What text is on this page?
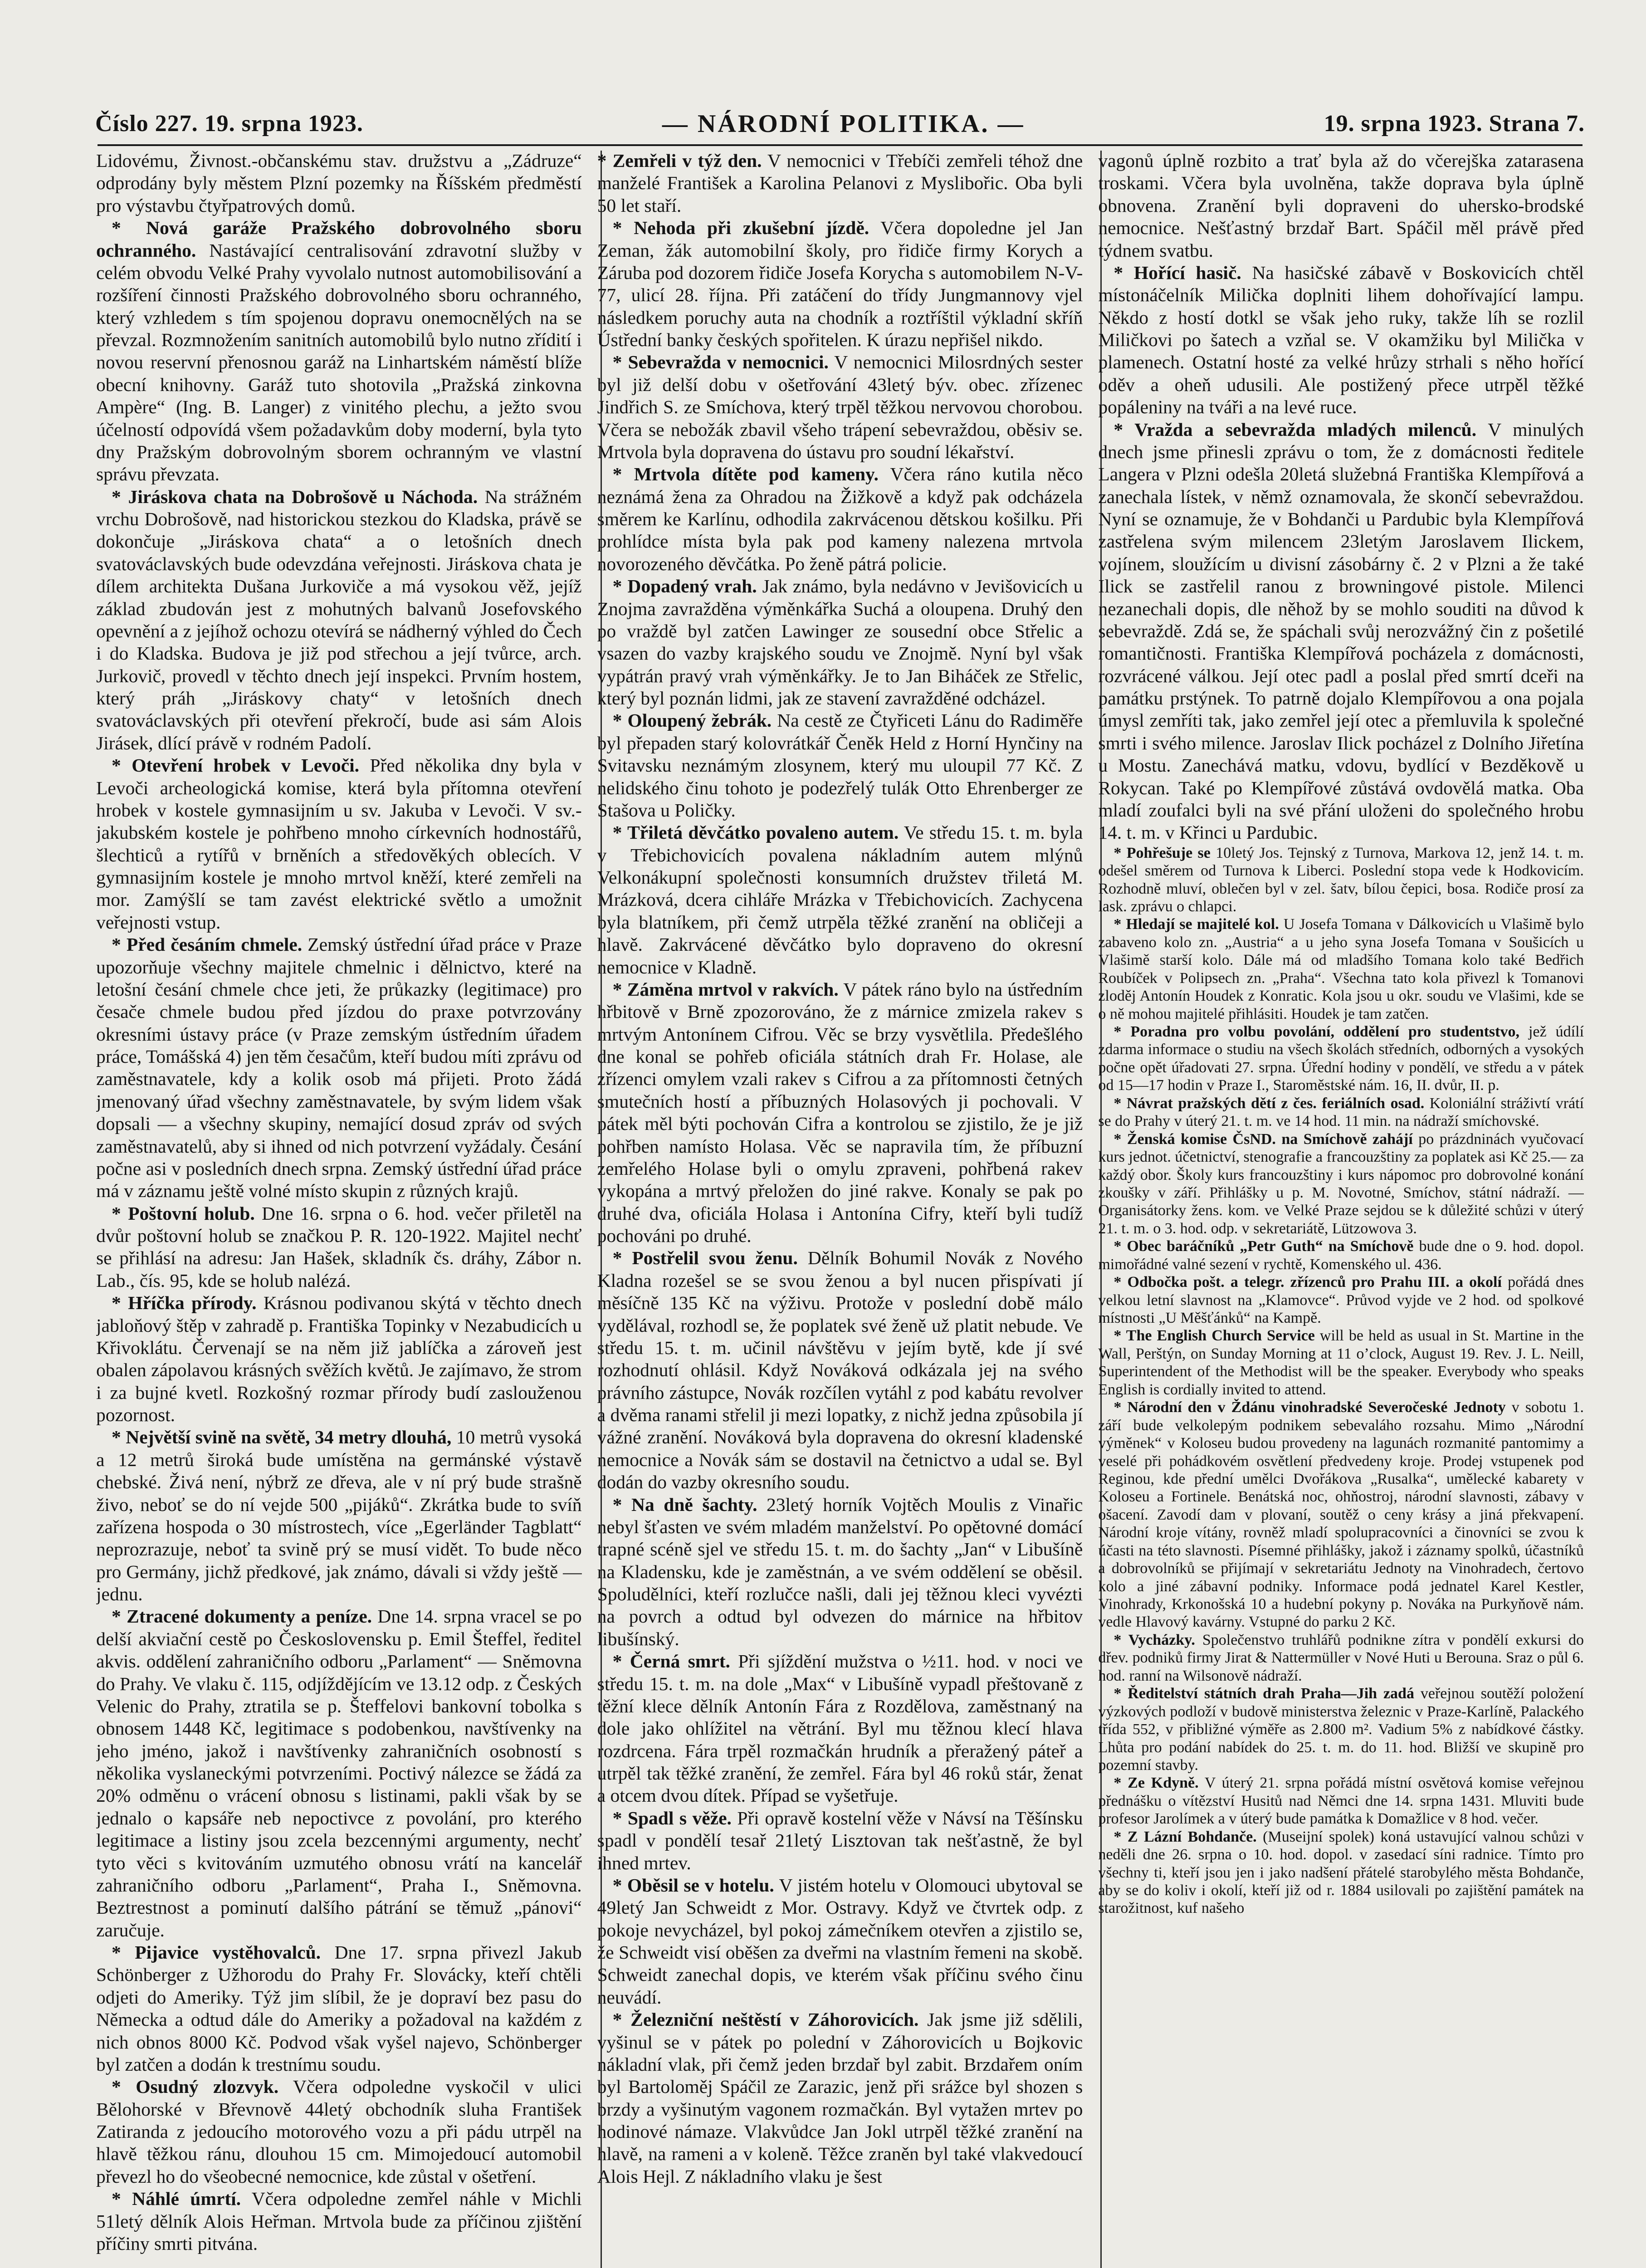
Číslo 227. 19. srpna 1923.	— NÁRODNÍ POLITIKA. —	19. srpna 1923. Strana 7.

Lidovému, Živnost.-občanskému stav. družstvu a „Zádruze“ odprodány byly městem Plzní pozemky na Říšském předměstí pro výstavbu čtyřpatrových domů.

* Nová garáže Pražského dobrovolného sboru ochranného. Nastávající centralisování zdravotní služby v celém obvodu Velké Prahy vyvolalo nutnost automobilisování a rozšíření činnosti Pražského dobrovolného sboru ochranného, který vzhledem s tím spojenou dopravu onemocnělých na se převzal. Rozmnožením sanitních automobilů bylo nutno zřídití i novou reservní přenosnou garáž na Linhartském náměstí blíže obecní knihovny. Garáž tuto shotovila „Pražská zinkovna Ampère“ (Ing. B. Langer) z vinitého plechu, a ježto svou účelností odpovídá všem požadavkům doby moderní, byla tyto dny Pražským dobrovolným sborem ochranným ve vlastní správu převzata.

* Jiráskova chata na Dobrošově u Náchoda. Na strážném vrchu Dobrošově, nad historickou stezkou do Kladska, právě se dokončuje „Jiráskova chata“ a o letošních dnech svatováclavských bude odevzdána veřejnosti. Jiráskova chata je dílem architekta Dušana Jurkoviče a má vysokou věž, jejíž základ zbudován jest z mohutných balvanů Josefovského opevnění a z jejíhož ochozu otevírá se nádherný výhled do Čech i do Kladska. Budova je již pod střechou a její tvůrce, arch. Jurkovič, provedl v těchto dnech její inspekci. Prvním hostem, který práh „Jiráskovy chaty“ v letošních dnech svatováclavských při otevření překročí, bude asi sám Alois Jirásek, dlící právě v rodném Padolí.

* Otevření hrobek v Levoči. Před několika dny byla v Levoči archeologická komise, která byla přítomna otevření hrobek v kostele gymnasijním u sv. Jakuba v Levoči. V sv.-jakubském kostele je pohřbeno mnoho církevních hodnostářů, šlechticů a rytířů v brněních a středověkých oblecích. V gymnasijním kostele je mnoho mrtvol kněží, které zemřeli na mor. Zamýšlí se tam zavést elektrické světlo a umožnit veřejnosti vstup.

* Před česáním chmele. Zemský ústřední úřad práce v Praze upozorňuje všechny majitele chmelnic i dělnictvo, které na letošní česání chmele chce jeti, že průkazky (legitimace) pro česače chmele budou před jízdou do praxe potvrzovány okresními ústavy práce (v Praze zemským ústředním úřadem práce, Tomášská 4) jen těm česačům, kteří budou míti zprávu od zaměstnavatele, kdy a kolik osob má přijeti. Proto žádá jmenovaný úřad všechny zaměstnavatele, by svým lidem však dopsali — a všechny skupiny, nemající dosud zpráv od svých zaměstnavatelů, aby si ihned od nich potvrzení vyžádaly. Česání počne asi v posledních dnech srpna. Zemský ústřední úřad práce má v záznamu ještě volné místo skupin z různých krajů.

* Poštovní holub. Dne 16. srpna o 6. hod. večer přiletěl na dvůr poštovní holub se značkou P. R. 120-1922. Majitel nechť se přihlásí na adresu: Jan Hašek, skladník čs. dráhy, Zábor n. Lab., čís. 95, kde se holub nalézá.

* Hříčka přírody. Krásnou podivanou skýtá v těchto dnech jabloňový štěp v zahradě p. Františka Topinky v Nezabudicích u Křivoklátu. Červenají se na něm již jablíčka a zároveň jest obalen zápolavou krásných svěžích květů. Je zajímavo, že strom i za bujné kvetl. Rozkošný rozmar přírody budí zaslouženou pozornost.

* Největší svině na světě, 34 metry dlouhá, 10 metrů vysoká a 12 metrů široká bude umístěna na germánské výstavě chebské. Živá není, nýbrž ze dřeva, ale v ní prý bude strašně živo, neboť se do ní vejde 500 „pijáků“. Zkrátka bude to svíň zařízena hospoda o 30 místrostech, více „Egerländer Tagblatt“ neprozrazuje, neboť ta svině prý se musí vidět. To bude něco pro Germány, jichž předkové, jak známo, dávali si vždy ještě — jednu.

* Ztracené dokumenty a peníze. Dne 14. srpna vracel se po delší akviační cestě po Československu p. Emil Šteffel, ředitel akvis. oddělení zahraničního odboru „Parlament“ — Sněmovna do Prahy. Ve vlaku č. 115, odjíždějícím ve 13.12 odp. z Českých Velenic do Prahy, ztratila se p. Šteffelovi bankovní tobolka s obnosem 1448 Kč, legitimace s podobenkou, navštívenky na jeho jméno, jakož i navštívenky zahraničních osobností s několika vyslaneckými potvrzeními. Poctivý nálezce se žádá za 20% odměnu o vrácení obnosu s listinami, pakli však by se jednalo o kapsáře neb nepoctivce z povolání, pro kterého legitimace a listiny jsou zcela bezcennými argumenty, nechť tyto věci s kvitováním uzmutého obnosu vrátí na kancelář zahraničního odboru „Parlament“, Praha I., Sněmovna. Beztrestnost a pominutí dalšího pátrání se těmuž „pánovi“ zaručuje.

* Pijavice vystěhovalců. Dne 17. srpna přivezl Jakub Schönberger z Užhorodu do Prahy Fr. Slovácky, kteří chtěli odjeti do Ameriky. Týž jim slíbil, že je dopraví bez pasu do Německa a odtud dále do Ameriky a požadoval na každém z nich obnos 8000 Kč. Podvod však vyšel najevo, Schönberger byl zatčen a dodán k trestnímu soudu.

* Osudný zlozvyk. Včera odpoledne vyskočil v ulici Bělohorské v Břevnově 44letý obchodník sluha František Zatiranda z jedoucího motorového vozu a při pádu utrpěl na hlavě těžkou ránu, dlouhou 15 cm. Mimojedoucí automobil převezl ho do všeobecné nemocnice, kde zůstal v ošetření.

* Náhlé úmrtí. Včera odpoledne zemřel náhle v Michli 51letý dělník Alois Heřman. Mrtvola bude za příčinou zjištění příčiny smrti pitvána.

* Zemřeli v týž den. V nemocnici v Třebíči zemřeli téhož dne manželé František a Karolina Pelanovi z Myslibořic. Oba byli 50 let staří.

* Nehoda při zkušební jízdě. Včera dopoledne jel Jan Zeman, žák automobilní školy, pro řidiče firmy Korych a Záruba pod dozorem řidiče Josefa Korycha s automobilem N-V-77, ulicí 28. října. Při zatáčení do třídy Jungmannovy vjel následkem poruchy auta na chodník a roztříštil výkladní skříň Ústřední banky českých spořitelen. K úrazu nepřišel nikdo.

* Sebevražda v nemocnici. V nemocnici Milosrdných sester byl již delší dobu v ošetřování 43letý býv. obec. zřízenec Jindřich S. ze Smíchova, který trpěl těžkou nervovou chorobou. Včera se nebožák zbavil všeho trápení sebevraždou, oběsiv se. Mrtvola byla dopravena do ústavu pro soudní lékařství.

* Mrtvola dítěte pod kameny. Včera ráno kutila něco neznámá žena za Ohradou na Žižkově a když pak odcházela směrem ke Karlínu, odhodila zakrvácenou dětskou košilku. Při prohlídce místa byla pak pod kameny nalezena mrtvola novorozeného děvčátka. Po ženě pátrá policie.

* Dopadený vrah. Jak známo, byla nedávno v Jevišovicích u Znojma zavražděna výměnkářka Suchá a oloupena. Druhý den po vraždě byl zatčen Lawinger ze sousední obce Střelic a vsazen do vazby krajského soudu ve Znojmě. Nyní byl však vypátrán pravý vrah výměnkářky. Je to Jan Biháček ze Střelic, který byl poznán lidmi, jak ze stavení zavražděné odcházel.

* Oloupený žebrák. Na cestě ze Čtyřiceti Lánu do Radiměře byl přepaden starý kolovrátkář Čeněk Held z Horní Hynčiny na Svitavsku neznámým zlosynem, který mu uloupil 77 Kč. Z nelidského činu tohoto je podezřelý tulák Otto Ehrenberger ze Stašova u Poličky.

* Třiletá děvčátko povaleno autem. Ve středu 15. t. m. byla v Třebichovicích povalena nákladním autem mlýnů Velkonákupní společnosti konsumních družstev třiletá M. Mrázková, dcera cihláře Mrázka v Třebichovicích. Zachycena byla blatníkem, při čemž utrpěla těžké zranění na obličeji a hlavě. Zakrvácené děvčátko bylo dopraveno do okresní nemocnice v Kladně.

* Záměna mrtvol v rakvích. V pátek ráno bylo na ústředním hřbitově v Brně zpozorováno, že z márnice zmizela rakev s mrtvým Antonínem Cifrou. Věc se brzy vysvětlila. Předešlého dne konal se pohřeb oficiála státních drah Fr. Holase, ale zřízenci omylem vzali rakev s Cifrou a za přítomnosti četných smutečních hostí a příbuzných Holasových ji pochovali. V pátek měl býti pochován Cifra a kontrolou se zjistilo, že je již pohřben namísto Holasa. Věc se napravila tím, že příbuzní zemřelého Holase byli o omylu zpraveni, pohřbená rakev vykopána a mrtvý přeložen do jiné rakve. Konaly se pak po druhé dva, oficiála Holasa i Antonína Cifry, kteří byli tudíž pochováni po druhé.

* Postřelil svou ženu. Dělník Bohumil Novák z Nového Kladna rozešel se se svou ženou a byl nucen přispívati jí měsíčně 135 Kč na výživu. Protože v poslední době málo vydělával, rozhodl se, že poplatek své ženě už platit nebude. Ve středu 15. t. m. učinil návštěvu v jejím bytě, kde jí své rozhodnutí ohlásil. Když Nováková odkázala jej na svého právního zástupce, Novák rozčílen vytáhl z pod kabátu revolver a dvěma ranami střelil ji mezi lopatky, z nichž jedna způsobila jí vážné zranění. Nováková byla dopravena do okresní kladenské nemocnice a Novák sám se dostavil na četnictvo a udal se. Byl dodán do vazby okresního soudu.

* Na dně šachty. 23letý horník Vojtěch Moulis z Vinařic nebyl šťasten ve svém mladém manželství. Po opětovné domácí trapné scéně sjel ve středu 15. t. m. do šachty „Jan“ v Libušíně na Kladensku, kde je zaměstnán, a ve svém oddělení se oběsil. Spoludělníci, kteří rozlučce našli, dali jej těžnou kleci vyvézti na povrch a odtud byl odvezen do márnice na hřbitov libušínský.

* Černá smrt. Při sjíždění mužstva o ½11. hod. v noci ve středu 15. t. m. na dole „Max“ v Libušíně vypadl přeštovaně z těžní klece dělník Antonín Fára z Rozdělova, zaměstnaný na dole jako ohlížitel na větrání. Byl mu těžnou klecí hlava rozdrcena. Fára trpěl rozmačkán hrudník a přeražený páteř a utrpěl tak těžké zranění, že zemřel. Fára byl 46 roků stár, ženat a otcem dvou dítek. Případ se vyšetřuje.

* Spadl s věže. Při opravě kostelní věže v Návsí na Těšínsku spadl v pondělí tesař 21letý Lisztovan tak nešťastně, že byl ihned mrtev.

* Oběsil se v hotelu. V jistém hotelu v Olomouci ubytoval se 49letý Jan Schweidt z Mor. Ostravy. Když ve čtvrtek odp. z pokoje nevycházel, byl pokoj zámečníkem otevřen a zjistilo se, že Schweidt visí oběšen za dveřmi na vlastním řemeni na skobě. Schweidt zanechal dopis, ve kterém však příčinu svého činu neuvádí.

* Železniční neštěstí v Záhorovicích. Jak jsme již sdělili, vyšinul se v pátek po polední v Záhorovicích u Bojkovic nákladní vlak, při čemž jeden brzdař byl zabit. Brzdařem oním byl Bartoloměj Spáčil ze Zarazic, jenž při srážce byl shozen s brzdy a vyšinutým vagonem rozmačkán. Byl vytažen mrtev po hodinové námaze. Vlakvůdce Jan Jokl utrpěl těžké zranění na hlavě, na rameni a v koleně. Těžce zraněn byl také vlakvedoucí Alois Hejl. Z nákladního vlaku je šest

vagonů úplně rozbito a trať byla až do včerejška zatarasena troskami. Včera byla uvolněna, takže doprava byla úplně obnovena. Zranění byli dopraveni do uhersko-brodské nemocnice. Nešťastný brzdař Bart. Spáčil měl právě před týdnem svatbu.

* Hořící hasič. Na hasičské zábavě v Boskovicích chtěl místonáčelník Milička doplniti lihem dohořívající lampu. Někdo z hostí dotkl se však jeho ruky, takže líh se rozlil Miličkovi po šatech a vzňal se. V okamžiku byl Milička v plamenech. Ostatní hosté za velké hrůzy strhali s něho hořící oděv a oheň udusili. Ale postižený přece utrpěl těžké popáleniny na tváři a na levé ruce.

* Vražda a sebevražda mladých milenců. V minulých dnech jsme přinesli zprávu o tom, že z domácnosti ředitele Langera v Plzni odešla 20letá služebná Františka Klempířová a zanechala lístek, v němž oznamovala, že skončí sebevraždou. Nyní se oznamuje, že v Bohdanči u Pardubic byla Klempířová zastřelena svým milencem 23letým Jaroslavem Ilickem, vojínem, sloužícím u divisní zásobárny č. 2 v Plzni a že také Ilick se zastřelil ranou z browningové pistole. Milenci nezanechali dopis, dle něhož by se mohlo souditi na důvod k sebevraždě. Zdá se, že spáchali svůj nerozvážný čin z pošetilé romantičnosti. Františka Klempířová pocházela z domácnosti, rozvrácené válkou. Její otec padl a poslal před smrtí dceři na památku prstýnek. To patrně dojalo Klempířovou a ona pojala úmysl zemříti tak, jako zemřel její otec a přemluvila k společné smrti i svého milence. Jaroslav Ilick pocházel z Dolního Jiřetína u Mostu. Zanechává matku, vdovu, bydlící v Bezděkově u Rokycan. Také po Klempířové zůstává ovdovělá matka. Oba mladí zoufalci byli na své přání uloženi do společného hrobu 14. t. m. v Křinci u Pardubic.

* Pohřešuje se 10letý Jos. Tejnský z Turnova, Markova 12, jenž 14. t. m. odešel směrem od Turnova k Liberci. Poslední stopa vede k Hodkovicím. Rozhodně mluví, oblečen byl v zel. šatv, bílou čepici, bosa. Rodiče prosí za lask. zprávu o chlapci.

* Hledají se majitelé kol. U Josefa Tomana v Dálkovicích u Vlašimě bylo zabaveno kolo zn. „Austria“ a u jeho syna Josefa Tomana v Soušicích u Vlašimě starší kolo. Dále má od mladšího Tomana kolo také Bedřich Roubíček v Polipsech zn. „Praha“. Všechna tato kola přivezl k Tomanovi zloděj Antonín Houdek z Konratic. Kola jsou u okr. soudu ve Vlašimi, kde se o ně mohou majitelé přihlásiti. Houdek je tam zatčen.

* Poradna pro volbu povolání, oddělení pro studentstvo, jež údílí zdarma informace o studiu na všech školách středních, odborných a vysokých počne opět úřadovati 27. srpna. Úřední hodiny v pondělí, ve středu a v pátek od 15—17 hodin v Praze I., Staroměstské nám. 16, II. dvůr, II. p.

* Návrat pražských dětí z čes. feriálních osad. Koloniální stráživtí vrátí se do Prahy v úterý 21. t. m. ve 14 hod. 11 min. na nádraží smíchovské.

* Ženská komise ČsND. na Smíchově zahájí po prázdninách vyučovací kurs jednot. účetnictví, stenografie a francouzštiny za poplatek asi Kč 25.— za každý obor. Školy kurs francouzštiny i kurs nápomoc pro dobrovolné konání zkoušky v září. Přihlášky u p. M. Novotné, Smíchov, státní nádraží. — Organisátorky žens. kom. ve Velké Praze sejdou se k důležité schůzi v úterý 21. t. m. o 3. hod. odp. v sekretariátě, Lützowova 3.

* Obec baráčníků „Petr Guth“ na Smíchově bude dne o 9. hod. dopol. mimořádné valné sezení v rychtě, Komenského ul. 436.

* Odbočka pošt. a telegr. zřízenců pro Prahu III. a okolí pořádá dnes velkou letní slavnost na „Klamovce“. Průvod vyjde ve 2 hod. od spolkové místnosti „U Měšťánků“ na Kampě.

* The English Church Service will be held as usual in St. Martine in the Wall, Perštýn, on Sunday Morning at 11 o’clock, August 19. Rev. J. L. Neill, Superintendent of the Methodist will be the speaker. Everybody who speaks English is cordially invited to attend.

* Národní den v Ždánu vinohradské Severočeské Jednoty v sobotu 1. září bude velkolepým podnikem sebevaláho rozsahu. Mimo „Národní výměnek“ v Koloseu budou provedeny na lagunách rozmanité pantomimy a veselé při pohádkovém osvětlení předvedeny kroje. Prodej vstupenek pod Reginou, kde přední umělci Dvořákova „Rusalka“, umělecké kabarety v Koloseu a Fortinele. Benátská noc, ohňostroj, národní slavnosti, zábavy v ošacení. Zavodí dam v plovaní, soutěž o ceny krásy a jiná překvapení. Národní kroje vítány, rovněž mladí spolupracovníci a činovníci se zvou k účasti na této slavnosti. Písemné přihlášky, jakož i záznamy spolků, účastníků a dobrovolníků se přijímají v sekretariátu Jednoty na Vinohradech, čertovo kolo a jiné zábavní podniky. Informace podá jednatel Karel Kestler, Vinohrady, Krkonošská 10 a hudební pokyny p. Nováka na Purkyňově nám. vedle Hlavový kavárny. Vstupné do parku 2 Kč.

* Vycházky. Společenstvo truhlářů podnikne zítra v pondělí exkursi do dřev. podniků firmy Jirat & Nattermüller v Nové Huti u Berouna. Sraz o půl 6. hod. ranní na Wilsonově nádraží.

* Ředitelství státních drah Praha—Jih zadá veřejnou soutěží položení výzkových podloží v budově ministerstva železnic v Praze-Karlíně, Palackého třída 552, v přibližné výměře as 2.800 m². Vadium 5% z nabídkové částky. Lhůta pro podání nabídek do 25. t. m. do 11. hod. Bližší ve skupině pro pozemní stavby.

* Ze Kdyně. V úterý 21. srpna pořádá místní osvětová komise veřejnou přednášku o vítězství Husitů nad Němci dne 14. srpna 1431. Mluviti bude profesor Jarolímek a v úterý bude památka k Domažlice v 8 hod. večer.

* Z Lázní Bohdanče. (Museijní spolek) koná ustavující valnou schůzi v neděli dne 26. srpna o 10. hod. dopol. v zasedací síni radnice. Tímto pro všechny ti, kteří jsou jen i jako nadšení přátelé starobylého města Bohdanče, aby se do koliv i okolí, kteří již od r. 1884 usilovali po zajištění památek na starožitnost, kuf našeho
